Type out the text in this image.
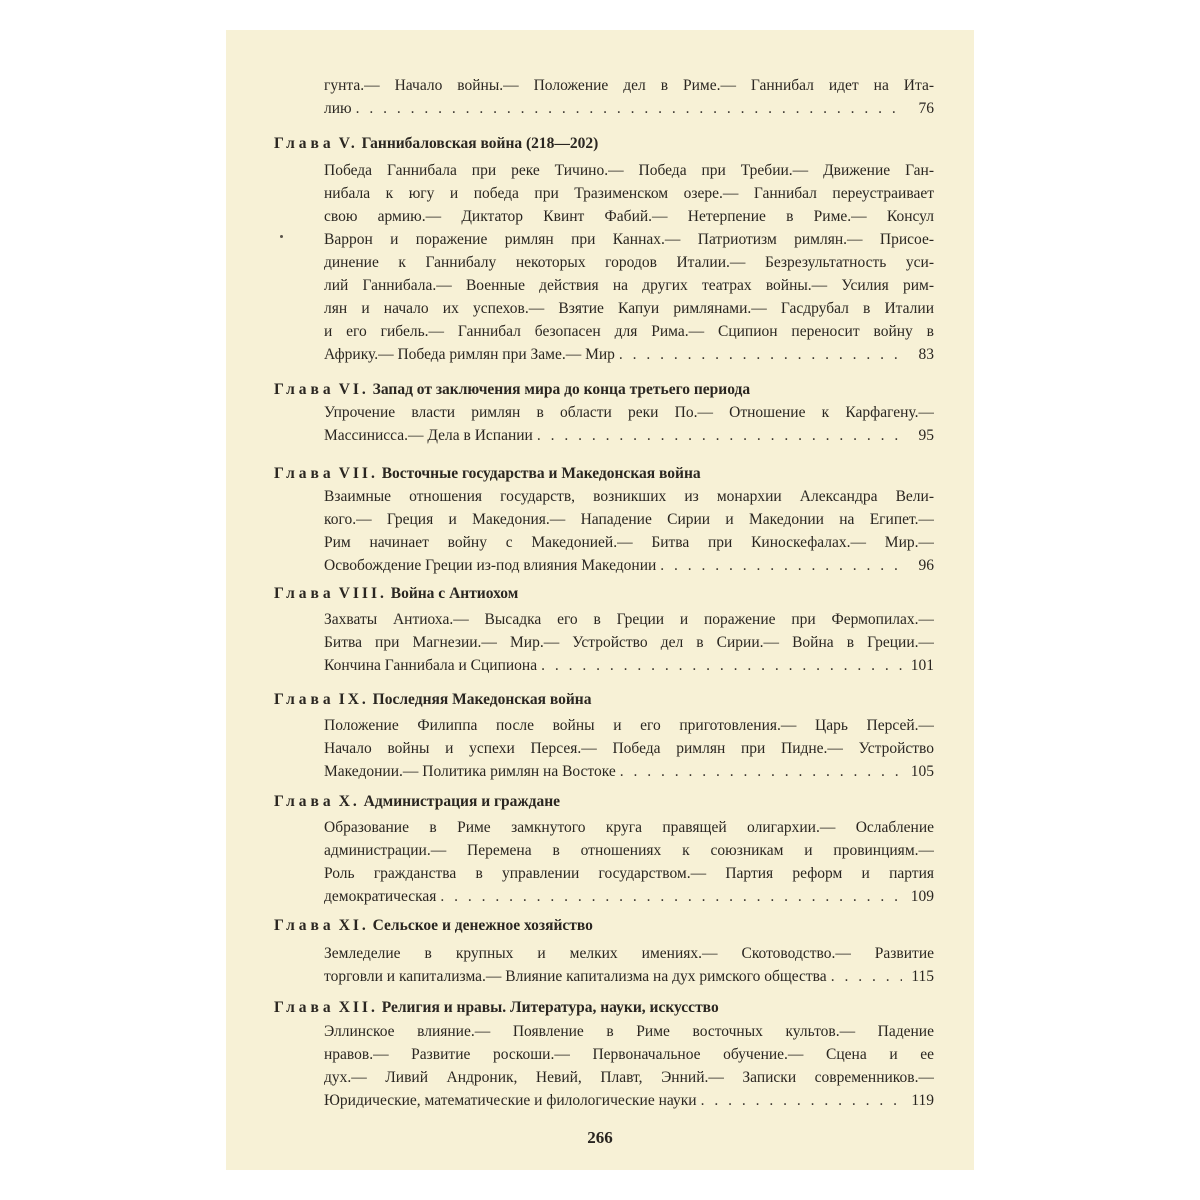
гунта.— Начало войны.— Положение дел в Риме.— Ганнибал идет на Ита-
лию . . .	76
Глава V. Ганнибаловская война (218—202)
Победа Ганнибала при реке Тичино.— Победа при Требии.— Движение Ган-
нибала к югу и победа при Тразименском озере.— Ганнибал переустраивает
свою армию.— Диктатор Квинт Фабий.— Нетерпение в Риме.— Консул
Варрон и поражение римлян при Каннах.— Патриотизм римлян.— Присое-
динение к Ганнибалу некоторых городов Италии.— Безрезультатность уси-
лий Ганнибала.— Военные действия на других театрах войны.— Усилия рим-
лян и начало их успехов.— Взятие Капуи римлянами.— Гасдрубал в Италии
и его гибель.— Ганнибал безопасен для Рима.— Сципион переносит войну в
Африку.— Победа римлян при Заме.— Мир . . .	83
Глава VI. Запад от заключения мира до конца третьего периода
Упрочение власти римлян в области реки По.— Отношение к Карфагену.—
Массинисса.— Дела в Испании . . .	95
Глава VII. Восточные государства и Македонская война
Взаимные отношения государств, возникших из монархии Александра Вели-
кого.— Греция и Македония.— Нападение Сирии и Македонии на Египет.—
Рим начинает войну с Македонией.— Битва при Киноскефалах.— Мир.—
Освобождение Греции из-под влияния Македонии . . .	96
Глава VIII. Война с Антиохом
Захваты Антиоха.— Высадка его в Греции и поражение при Фермопилах.—
Битва при Магнезии.— Мир.— Устройство дел в Сирии.— Война в Греции.—
Кончина Ганнибала и Сципиона . . .	101
Глава IX. Последняя Македонская война
Положение Филиппа после войны и его приготовления.— Царь Персей.—
Начало войны и успехи Персея.— Победа римлян при Пидне.— Устройство
Македонии.— Политика римлян на Востоке . . .	105
Глава X. Администрация и граждане
Образование в Риме замкнутого круга правящей олигархии.— Ослабление
администрации.— Перемена в отношениях к союзникам и провинциям.—
Роль гражданства в управлении государством.— Партия реформ и партия
демократическая . . .	109
Глава XI. Сельское и денежное хозяйство
Земледелие в крупных и мелких имениях.— Скотоводство.— Развитие
торговли и капитализма.— Влияние капитализма на дух римского общества . . .	115
Глава XII. Религия и нравы. Литература, науки, искусство
Эллинское влияние.— Появление в Риме восточных культов.— Падение
нравов.— Развитие роскоши.— Первоначальное обучение.— Сцена и ее
дух.— Ливий Андроник, Невий, Плавт, Энний.— Записки современников.—
Юридические, математические и филологические науки . . .	119
266
